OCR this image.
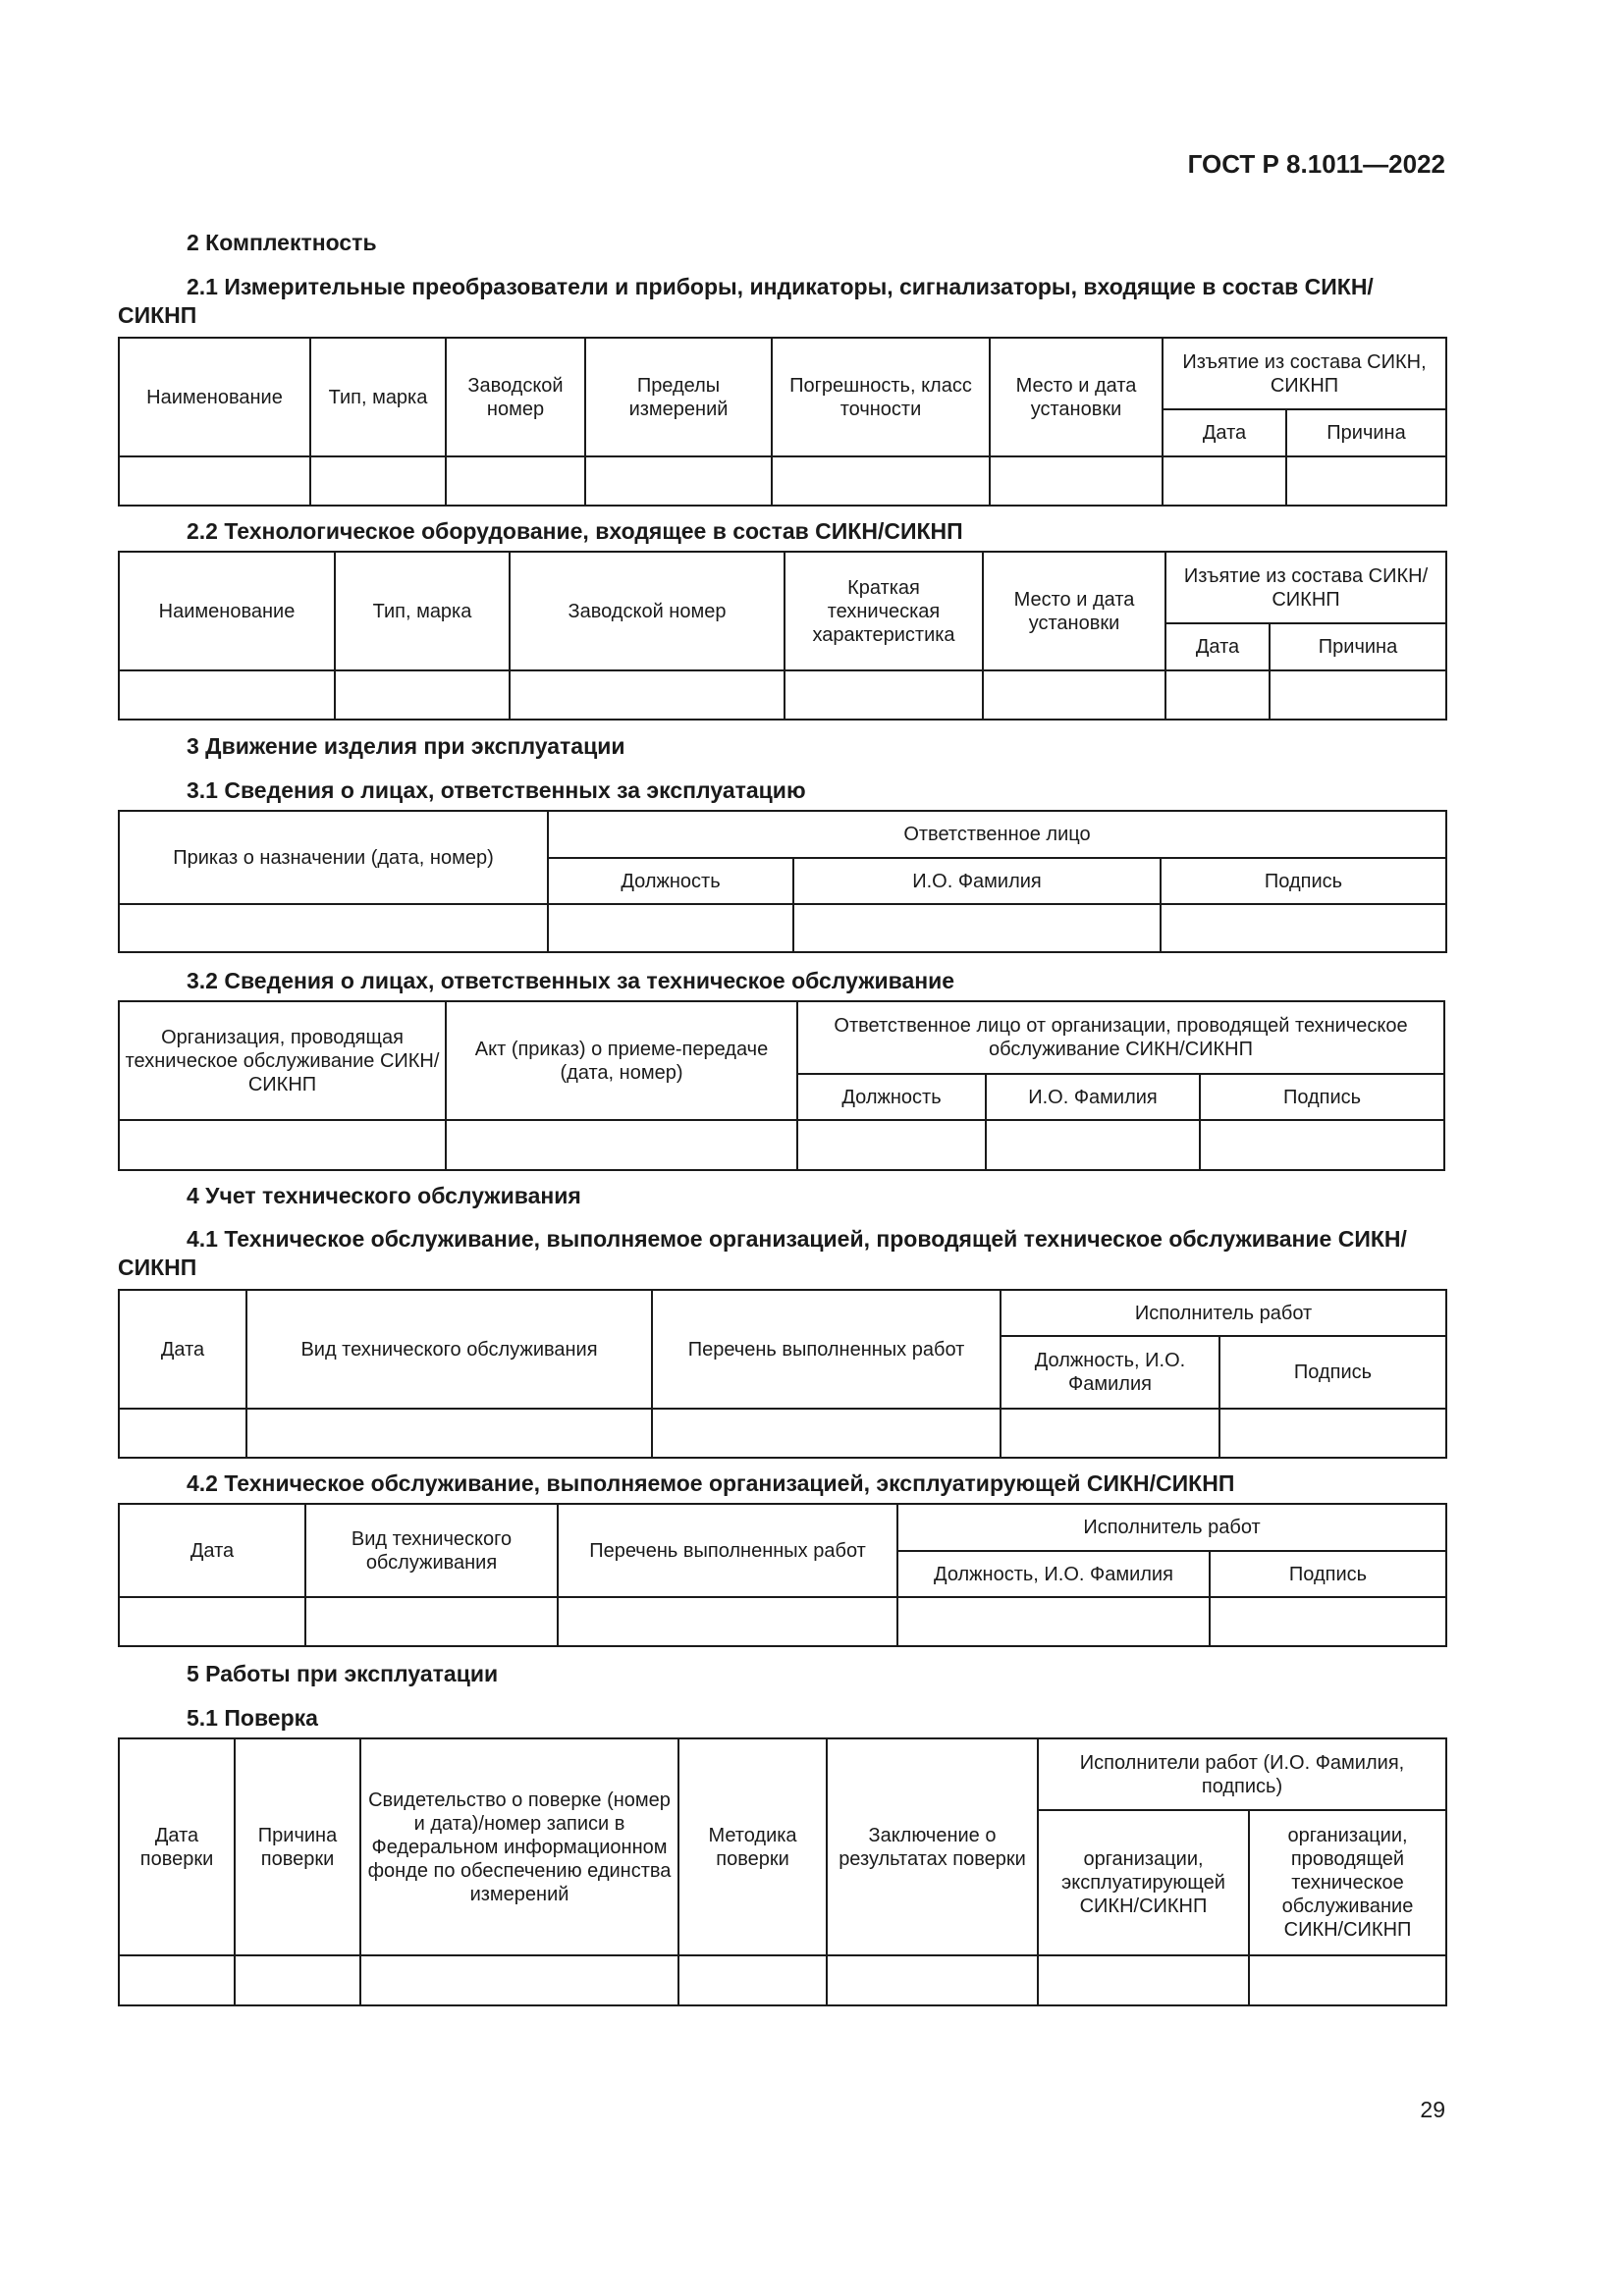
ГОСТ Р 8.1011—2022
2 Комплектность
2.1 Измерительные преобразователи и приборы, индикаторы, сигнализаторы, входящие в состав СИКН/СИКНП
Наименование	Тип, марка	Заводской номер	Пределы измерений	Погрешность, класс точности	Место и дата установки	Изъятие из состава СИКН, СИКНП	
						Дата	Причина

2.2 Технологическое оборудование, входящее в состав СИКН/СИКНП
Наименование	Тип, марка	Заводской номер	Краткая техническая характеристика	Место и дата установки	Изъятие из состава СИКН/ СИКНП	
					Дата	Причина

3 Движение изделия при эксплуатации
3.1 Сведения о лицах, ответственных за эксплуатацию
Приказ о назначении (дата, номер)	Ответственное лицо		
	Должность	И.О. Фамилия	Подпись

3.2 Сведения о лицах, ответственных за техническое обслуживание
Организация, проводящая техническое обслуживание СИКН/СИКНП	Акт (приказ) о приеме-передаче (дата, номер)	Ответственное лицо от организации, проводящей техническое обслуживание СИКН/СИКНП		
		Должность	И.О. Фамилия	Подпись

4 Учет технического обслуживания
4.1 Техническое обслуживание, выполняемое организацией, проводящей техническое обслуживание СИКН/СИКНП
Дата	Вид технического обслуживания	Перечень выполненных работ	Исполнитель работ	
			Должность, И.О. Фамилия	Подпись

4.2 Техническое обслуживание, выполняемое организацией, эксплуатирующей СИКН/СИКНП
Дата	Вид технического обслуживания	Перечень выполненных работ	Исполнитель работ	
			Должность, И.О. Фамилия	Подпись

5 Работы при эксплуатации
5.1 Поверка
Дата поверки	Причина поверки	Свидетельство о поверке (номер и дата)/номер записи в Федеральном информационном фонде по обеспечению единства измерений	Методика поверки	Заключение о результатах поверки	Исполнители работ (И.О. Фамилия, подпись)	
					организации, эксплуатирующей СИКН/СИКНП	организации, проводящей техническое обслуживание СИКН/СИКНП

29
